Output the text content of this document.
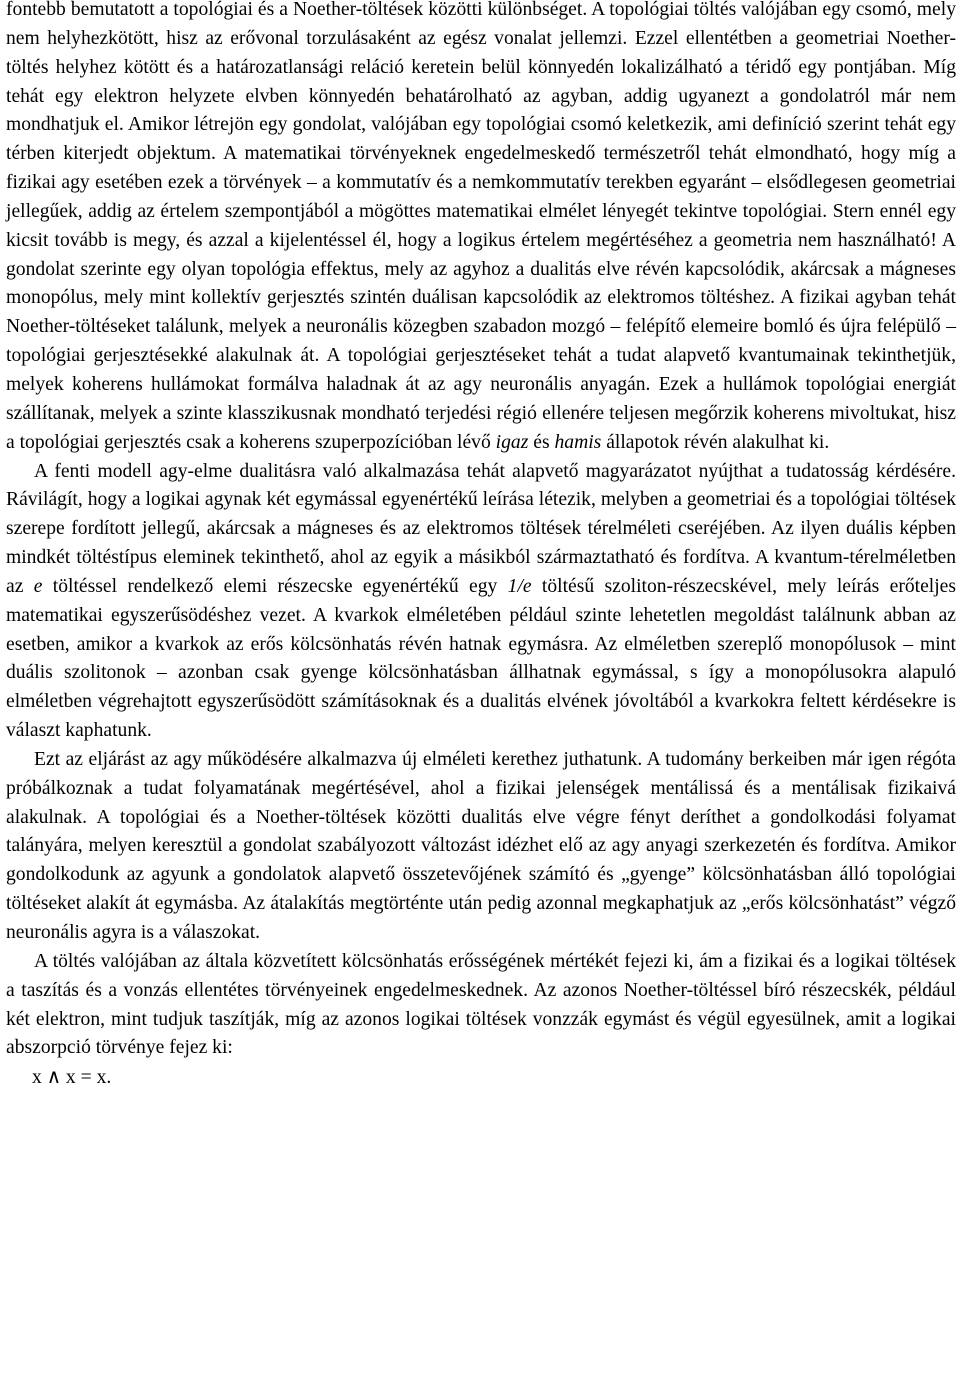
fontebb bemutatott a topológiai és a Noether-töltések közötti különbséget. A topológiai töltés valójában egy csomó, mely nem helyhezkötött, hisz az erővonal torzulásaként az egész vonalat jellemzi. Ezzel ellentétben a geometriai Noether-töltés helyhez kötött és a határozatlansági reláció keretein belül könnyedén lokalizálható a téridő egy pontjában. Míg tehát egy elektron helyzete elvben könnyedén behatárolható az agyban, addig ugyanezt a gondolatról már nem mondhatjuk el. Amikor létrejön egy gondolat, valójában egy topológiai csomó keletkezik, ami definíció szerint tehát egy térben kiterjedt objektum. A matematikai törvényeknek engedelmeskedő természetről tehát elmondható, hogy míg a fizikai agy esetében ezek a törvények – a kommutatív és a nemkommutatív terekben egyaránt – elsődlegesen geometriai jellegűek, addig az értelem szempontjából a mögöttes matematikai elmélet lényegét tekintve topológiai. Stern ennél egy kicsit tovább is megy, és azzal a kijelentéssel él, hogy a logikus értelem megértéséhez a geometria nem használható! A gondolat szerinte egy olyan topológia effektus, mely az agyhoz a dualitás elve révén kapcsolódik, akárcsak a mágneses monopólus, mely mint kollektív gerjesztés szintén duálisan kapcsolódik az elektromos töltéshez. A fizikai agyban tehát Noether-töltéseket találunk, melyek a neuronális közegben szabadon mozgó – felépítő elemeire bomló és újra felépülő – topológiai gerjesztésekké alakulnak át. A topológiai gerjesztéseket tehát a tudat alapvető kvantumainak tekinthetjük, melyek koherens hullámokat formálva haladnak át az agy neuronális anyagán. Ezek a hullámok topológiai energiát szállítanak, melyek a szinte klasszikusnak mondható terjedési régió ellenére teljesen megőrzik koherens mivoltukat, hisz a topológiai gerjesztés csak a koherens szuperpozícióban lévő igaz és hamis állapotok révén alakulhat ki.

A fenti modell agy-elme dualitásra való alkalmazása tehát alapvető magyarázatot nyújthat a tudatosság kérdésére. Rávilágít, hogy a logikai agynak két egymással egyenértékű leírása létezik, melyben a geometriai és a topológiai töltések szerepe fordított jellegű, akárcsak a mágneses és az elektromos töltések térelméleti cseréjében. Az ilyen duális képben mindkét töltéstípus eleminek tekinthető, ahol az egyik a másikból származtatható és fordítva. A kvantum-térelméletben az e töltéssel rendelkező elemi részecske egyenértékű egy 1/e töltésű szoliton-részecskével, mely leírás erőteljes matematikai egyszerűsödéshez vezet. A kvarkok elméletében például szinte lehetetlen megoldást találnunk abban az esetben, amikor a kvarkok az erős kölcsönhatás révén hatnak egymásra. Az elméletben szereplő monopólusok – mint duális szolitonok – azonban csak gyenge kölcsönhatásban állhatnak egymással, s így a monopólusokra alapuló elméletben végrehajtott egyszerűsödött számításoknak és a dualitás elvének jóvoltából a kvarkokra feltett kérdésekre is választ kaphatunk.

Ezt az eljárást az agy működésére alkalmazva új elméleti kerethez juthatunk. A tudomány berkeiben már igen régóta próbálkoznak a tudat folyamatának megértésével, ahol a fizikai jelenségek mentálissá és a mentálisak fizikaivá alakulnak. A topológiai és a Noether-töltések közötti dualitás elve végre fényt deríthet a gondolkodási folyamat talányára, melyen keresztül a gondolat szabályozott változást idézhet elő az agy anyagi szerkezetén és fordítva. Amikor gondolkodunk az agyunk a gondolatok alapvető összetevőjének számító és „gyenge” kölcsönhatásban álló topológiai töltéseket alakít át egymásba. Az átalakítás megtörténte után pedig azonnal megkaphatjuk az „erős kölcsönhatást” végző neuronális agyra is a válaszokat.

A töltés valójában az általa közvetített kölcsönhatás erősségének mértékét fejezi ki, ám a fizikai és a logikai töltések a taszítás és a vonzás ellentétes törvényeinek engedelmeskednek. Az azonos Noether-töltéssel bíró részecskék, például két elektron, mint tudjuk taszítják, míg az azonos logikai töltések vonzzák egymást és végül egyesülnek, amit a logikai abszorpció törvénye fejez ki:

x ∧ x = x.
